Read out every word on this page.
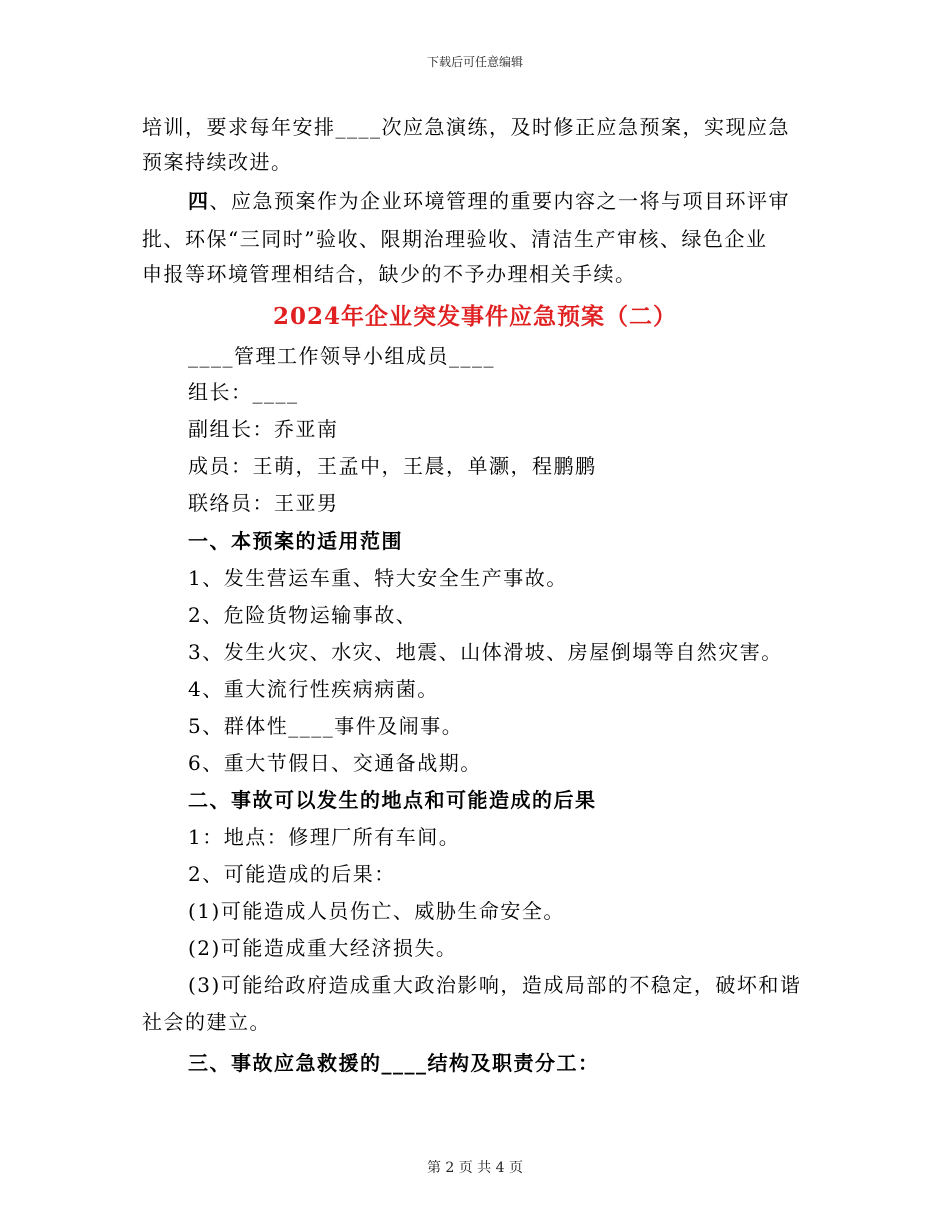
下载后可任意编辑
培训，要求每年安排____次应急演练，及时修正应急预案，实现应急
预案持续改进。
四、应急预案作为企业环境管理的重要内容之一将与项目环评审
批、环保“三同时”验收、限期治理验收、清洁生产审核、绿色企业
申报等环境管理相结合，缺少的不予办理相关手续。
2024年企业突发事件应急预案（二）
____管理工作领导小组成员____
组长：____
副组长：乔亚南
成员：王萌，王孟中，王晨，单灏，程鹏鹏
联络员：王亚男
一、本预案的适用范围
1、发生营运车重、特大安全生产事故。
2、危险货物运输事故、
3、发生火灾、水灾、地震、山体滑坡、房屋倒塌等自然灾害。
4、重大流行性疾病病菌。
5、群体性____事件及闹事。
6、重大节假日、交通备战期。
二、事故可以发生的地点和可能造成的后果
1：地点：修理厂所有车间。
2、可能造成的后果：
(1)可能造成人员伤亡、威胁生命安全。
(2)可能造成重大经济损失。
(3)可能给政府造成重大政治影响，造成局部的不稳定，破坏和谐
社会的建立。
三、事故应急救援的____结构及职责分工：
第 2 页 共 4 页
